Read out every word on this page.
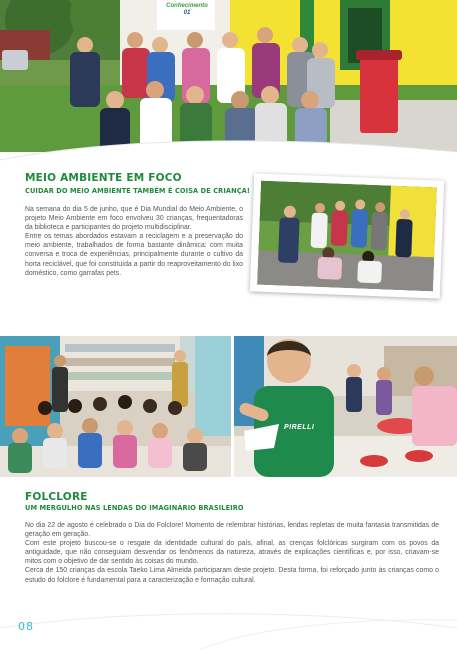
Conhecimento
01
MEIO AMBIENTE EM FOCO
CUIDAR DO MEIO AMBIENTE TAMBÉM É COISA DE CRIANÇA!

Na semana do dia 5 de junho, que é Dia Mundial do Meio Ambiente, o projeto Meio Ambiente em foco envolveu 30 crianças, frequentadoras da biblioteca e participantes do projeto multidisciplinar.

Entre os temas abordados estavam a reciclagem e a preservação do meio ambiente, trabalhados de forma bastante dinâmica: com muita conversa e troca de experiências, principalmente durante o cultivo da horta reciclável, que foi constituída a partir do reaproveitamento do lixo doméstico, como garrafas pets.

PIRELLI
FOLCLORE
UM MERGULHO NAS LENDAS DO IMAGINÁRIO BRASILEIRO

No dia 22 de agosto é celebrado o Dia do Folclore! Momento de relembrar histórias, lendas repletas de muita fantasia transmitidas de geração em geração.

Com este projeto buscou-se o resgate da identidade cultural do país, afinal, as crenças folclóricas surgiram com os povos da antiguidade, que não conseguiam desvendar os fenômenos da natureza, através de explicações científicas e, por isso, criavam-se mitos com o objetivo de dar sentido às coisas do mundo.

Cerca de 150 crianças da escola Taeko Lima Almeida participaram deste projeto. Desta forma, foi reforçado junto às crianças como o estudo do folclore é fundamental para a caracterização e formação cultural.

08
